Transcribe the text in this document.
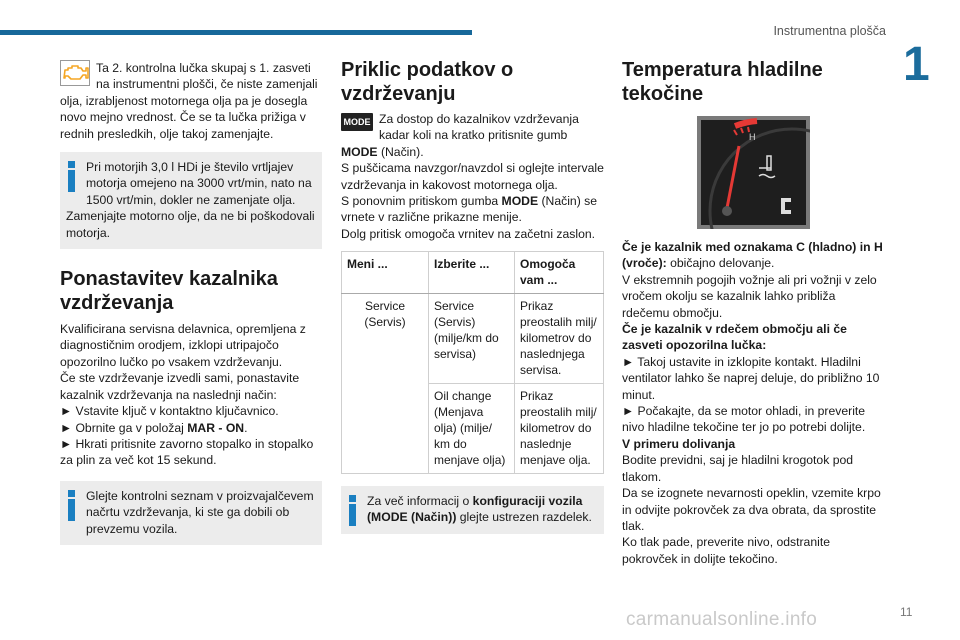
Instrumentna plošča
1

Ta 2. kontrolna lučka skupaj s 1. zasveti na instrumentni plošči, če niste zamenjali olja, izrabljenost motornega olja pa je dosegla novo mejno vrednost. Če se ta lučka prižiga v rednih presledkih, olje takoj zamenjajte.

Pri motorjih 3,0 l HDi je število vrtljajev motorja omejeno na 3000 vrt/min, nato na 1500 vrt/min, dokler ne zamenjate olja. Zamenjajte motorno olje, da ne bi poškodovali motorja.

Ponastavitev kazalnika vzdrževanja

Kvalificirana servisna delavnica, opremljena z diagnostičnim orodjem, izklopi utripajočo opozorilno lučko po vsakem vzdrževanju.

Če ste vzdrževanje izvedli sami, ponastavite kazalnik vzdrževanja na naslednji način:

► Vstavite ključ v kontaktno ključavnico.

► Obrnite ga v položaj MAR - ON.

► Hkrati pritisnite zavorno stopalko in stopalko za plin za več kot 15 sekund.

Glejte kontrolni seznam v proizvajalčevem načrtu vzdrževanja, ki ste ga dobili ob prevzemu vozila.

Priklic podatkov o vzdrževanju

MODE Za dostop do kazalnikov vzdrževanja kadar koli na kratko pritisnite gumb
MODE (Način).

S puščicama navzgor/navzdol si oglejte intervale vzdrževanja in kakovost motornega olja.

S ponovnim pritiskom gumba MODE (Način) se vrnete v različne prikazne menije.

Dolg pritisk omogoča vrnitev na začetni zaslon.

Meni ...	Izberite ...	Omogoča vam ...
Service (Servis)	Service (Servis) (milje/km do servisa)	Prikaz preostalih milj/ kilometrov do naslednjega servisa.
	Oil change (Menjava olja) (milje/ km do menjave olja)	Prikaz preostalih milj/ kilometrov do naslednje menjave olja.

Za več informacij o konfiguraciji vozila (MODE (Način)) glejte ustrezen razdelek.

Temperatura hladilne tekočine
H

Če je kazalnik med oznakama C (hladno) in H (vroče): običajno delovanje.

V ekstremnih pogojih vožnje ali pri vožnji v zelo vročem okolju se kazalnik lahko približa rdečemu območju.

Če je kazalnik v rdečem območju ali če zasveti opozorilna lučka:

► Takoj ustavite in izklopite kontakt. Hladilni ventilator lahko še naprej deluje, do približno 10 minut.

► Počakajte, da se motor ohladi, in preverite nivo hladilne tekočine ter jo po potrebi dolijte.

V primeru dolivanja

Bodite previdni, saj je hladilni krogotok pod tlakom.

Da se izognete nevarnosti opeklin, vzemite krpo in odvijte pokrovček za dva obrata, da sprostite tlak.

Ko tlak pade, preverite nivo, odstranite pokrovček in dolijte tekočino.

carmanualsonline.info	11
